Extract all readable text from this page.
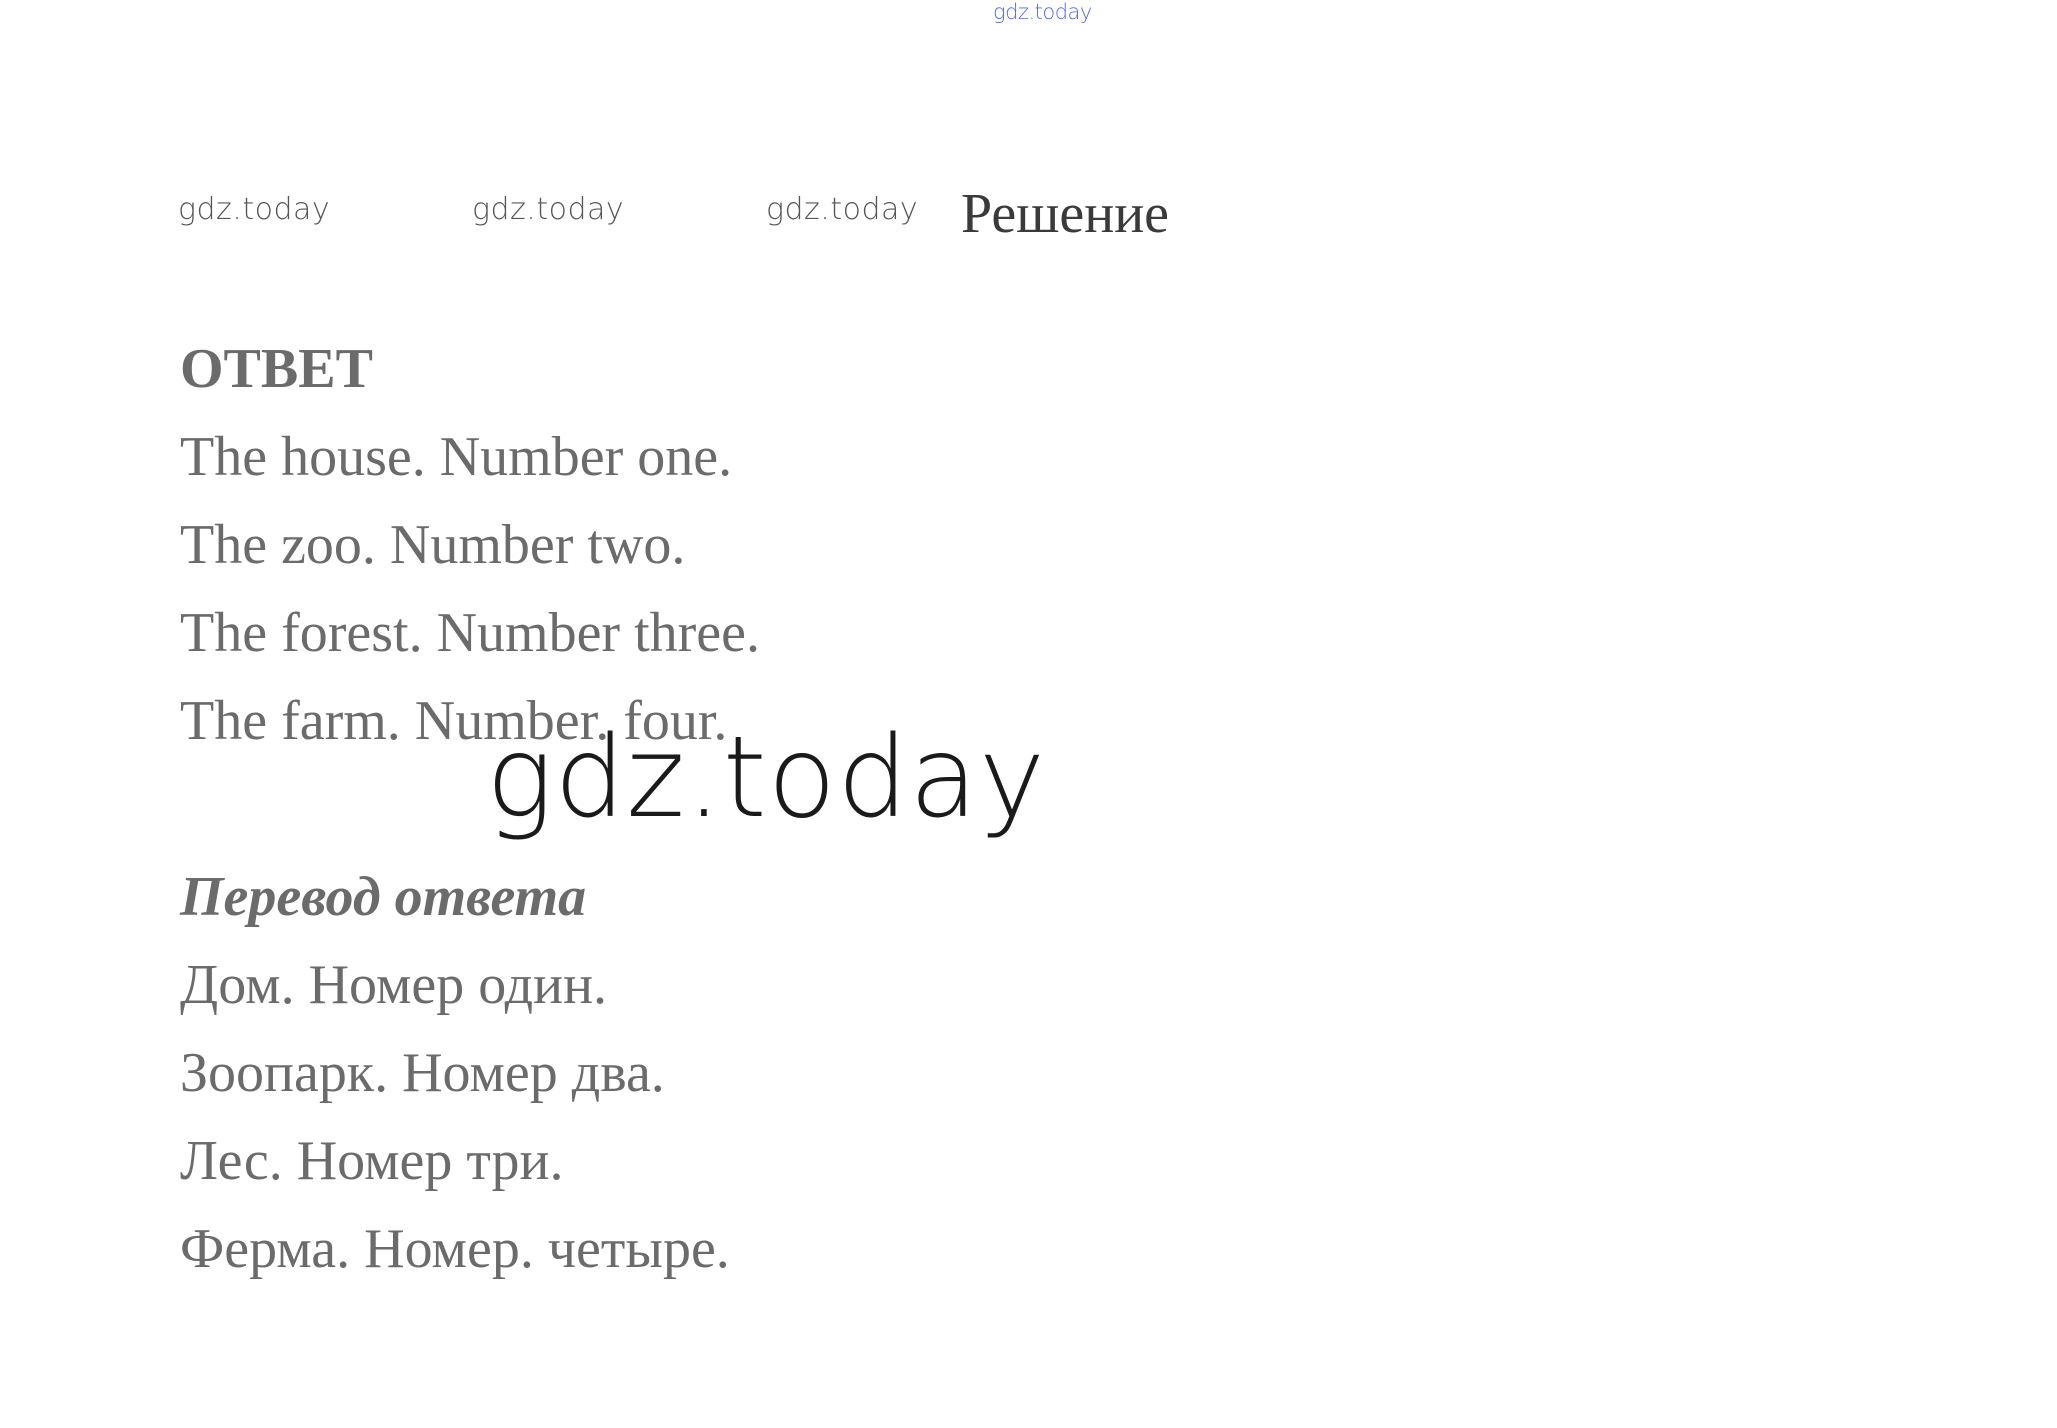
gdz.today
gdz.today	gdz.today	gdz.today Решение

ОТВЕТ

The house. Number one.

The zoo. Number two.

The forest. Number three.

The farm. Number. four.

Перевод ответа

Дом. Номер один.

Зоопарк. Номер два.

Лес. Номер три.

Ферма. Номер. четыре.

gdz.today
